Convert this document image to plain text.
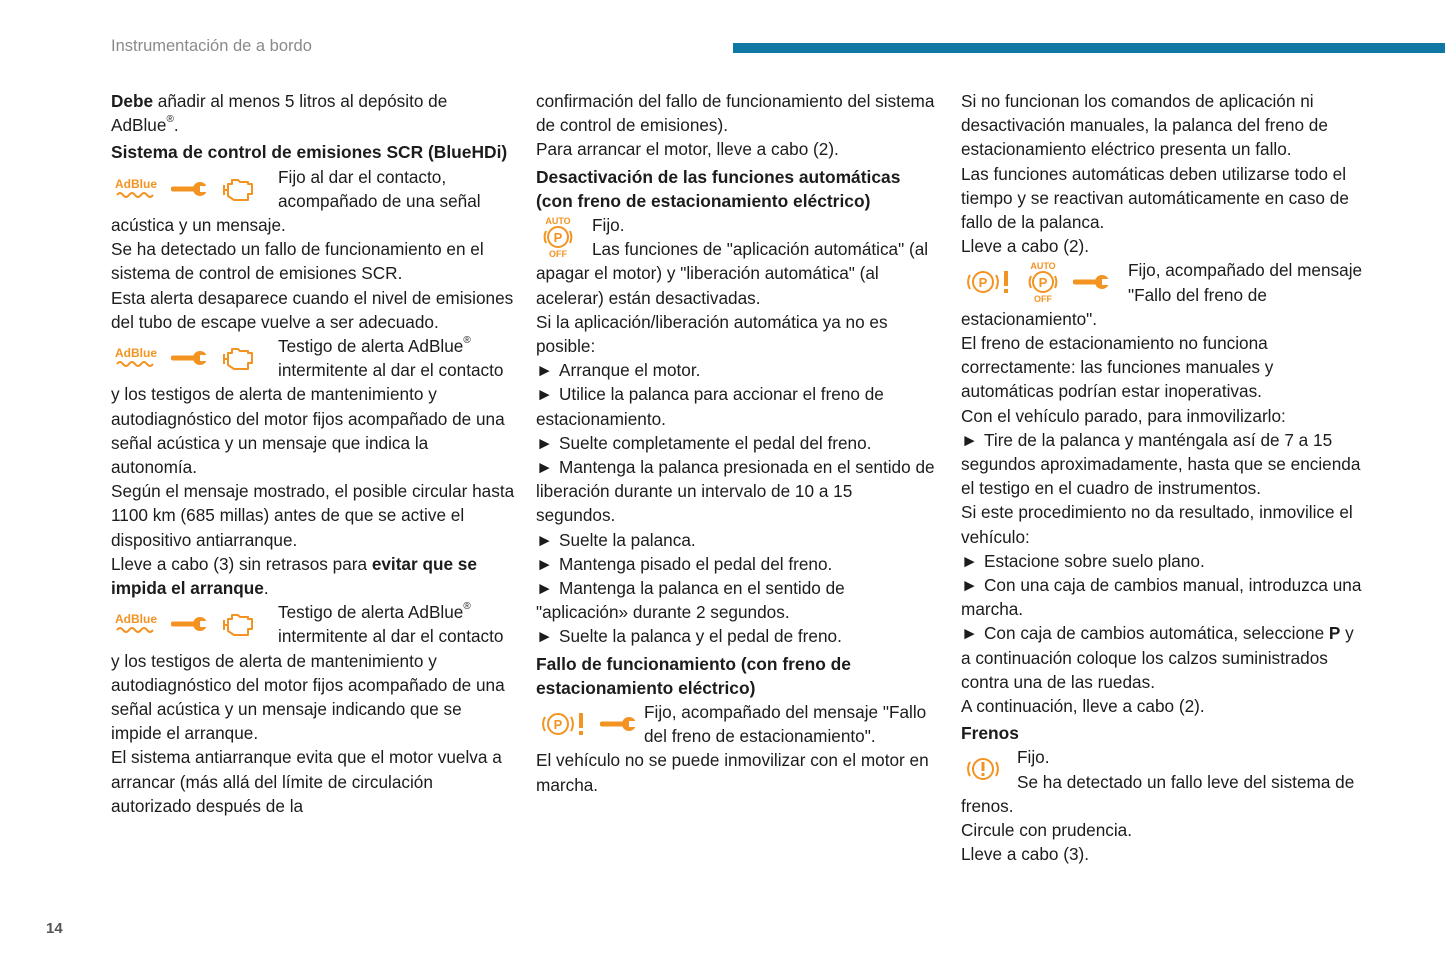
Instrumentación de a bordo

Debe añadir al menos 5 litros al depósito de AdBlue®.

Sistema de control de emisiones SCR (BlueHDi)
AdBlue	Fijo al dar el contacto, acompañado de una señal acústica y un mensaje.

Se ha detectado un fallo de funcionamiento en el sistema de control de emisiones SCR.

Esta alerta desaparece cuando el nivel de emisiones del tubo de escape vuelve a ser adecuado.

AdBlue	Testigo de alerta AdBlue® intermitente al dar el contacto y los testigos de alerta de mantenimiento y autodiagnóstico del motor fijos acompañado de una señal acústica y un mensaje que indica la autonomía.

Según el mensaje mostrado, el posible circular hasta 1100 km (685 millas) antes de que se active el dispositivo antiarranque.

Lleve a cabo (3) sin retrasos para evitar que se impida el arranque.

AdBlue	Testigo de alerta AdBlue® intermitente al dar el contacto y los testigos de alerta de mantenimiento y autodiagnóstico del motor fijos acompañado de una señal acústica y un mensaje indicando que se impide el arranque.

El sistema antiarranque evita que el motor vuelva a arrancar (más allá del límite de circulación autorizado después de la

confirmación del fallo de funcionamiento del sistema de control de emisiones).

Para arrancar el motor, lleve a cabo (2).

Desactivación de las funciones automáticas (con freno de estacionamiento eléctrico)
AUTO
P
OFF

Fijo.

Las funciones de "aplicación automática" (al apagar el motor) y "liberación automática" (al acelerar) están desactivadas.

Si la aplicación/liberación automática ya no es posible:

► Arranque el motor.

► Utilice la palanca para accionar el freno de estacionamiento.

► Suelte completamente el pedal del freno.

► Mantenga la palanca presionada en el sentido de liberación durante un intervalo de 10 a 15 segundos.

► Suelte la palanca.

► Mantenga pisado el pedal del freno.

► Mantenga la palanca en el sentido de "aplicación» durante 2 segundos.

► Suelte la palanca y el pedal de freno.

Fallo de funcionamiento (con freno de estacionamiento eléctrico)
P

Fijo, acompañado del mensaje "Fallo del freno de estacionamiento".

El vehículo no se puede inmovilizar con el motor en marcha.

Si no funcionan los comandos de aplicación ni desactivación manuales, la palanca del freno de estacionamiento eléctrico presenta un fallo.

Las funciones automáticas deben utilizarse todo el tiempo y se reactivan automáticamente en caso de fallo de la palanca.

Lleve a cabo (2).

P
AUTO
P
OFF

Fijo, acompañado del mensaje "Fallo del freno de estacionamiento".

El freno de estacionamiento no funciona correctamente: las funciones manuales y automáticas podrían estar inoperativas.

Con el vehículo parado, para inmovilizarlo:

► Tire de la palanca y manténgala así de 7 a 15 segundos aproximadamente, hasta que se encienda el testigo en el cuadro de instrumentos.

Si este procedimiento no da resultado, inmovilice el vehículo:

► Estacione sobre suelo plano.

► Con una caja de cambios manual, introduzca una marcha.

► Con caja de cambios automática, seleccione P y a continuación coloque los calzos suministrados contra una de las ruedas.

A continuación, lleve a cabo (2).

Frenos

Fijo.

Se ha detectado un fallo leve del sistema de frenos.

Circule con prudencia.

Lleve a cabo (3).

14
